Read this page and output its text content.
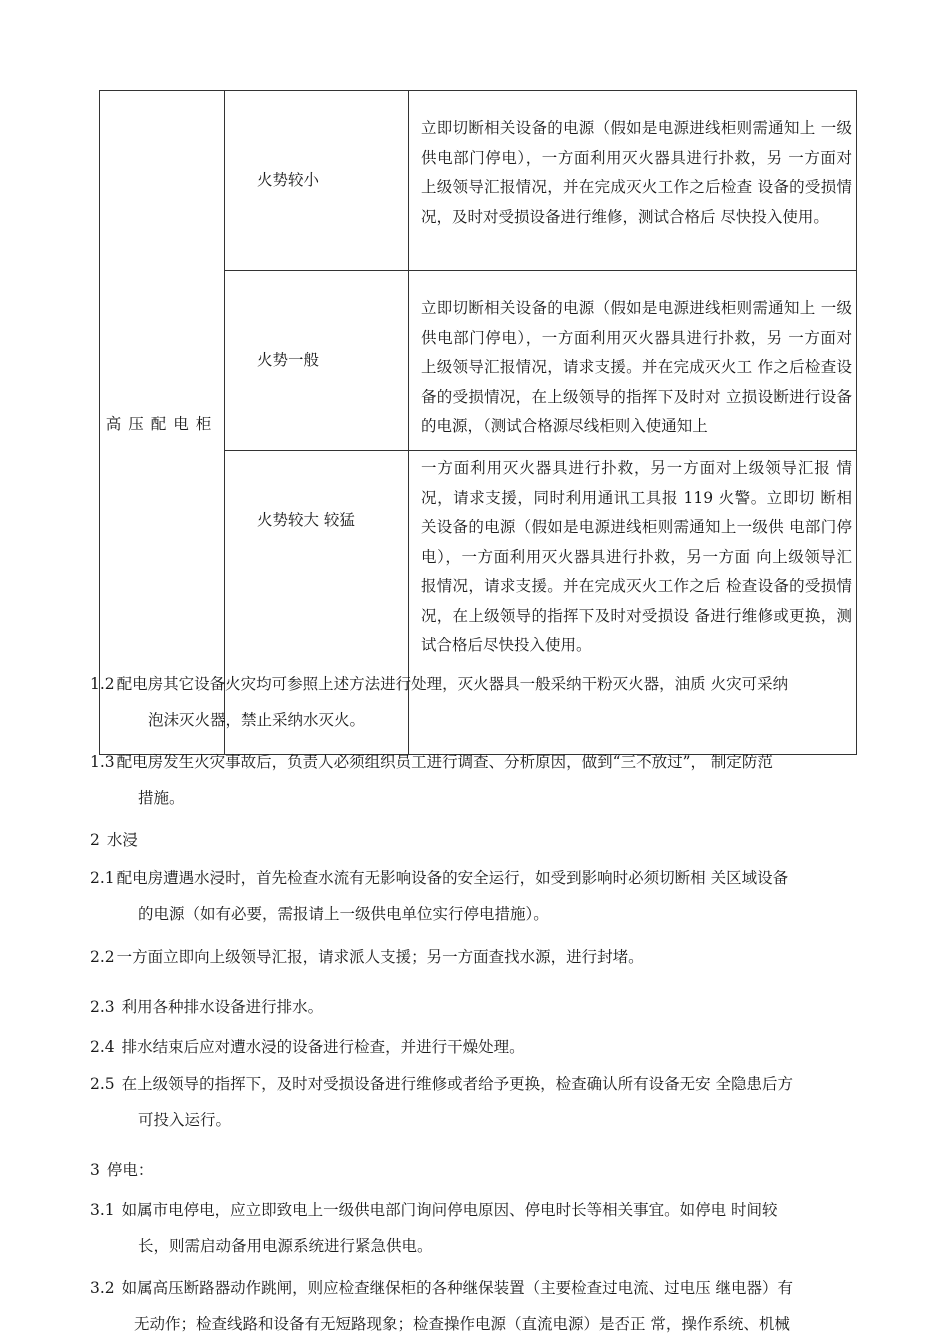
高压配电柜	火势较小	立即切断相关设备的电源（假如是电源进线柜则需通知上 一级供电部门停电），一方面利用灭火器具进行扑救，另 一方面对上级领导汇报情况，并在完成灭火工作之后检查 设备的受损情况，及时对受损设备进行维修，测试合格后 尽快投入使用。
	火势一般	立即切断相关设备的电源（假如是电源进线柜则需通知上 一级供电部门停电），一方面利用灭火器具进行扑救，另 一方面对上级领导汇报情况，请求支援。并在完成灭火工 作之后检查设备的受损情况，在上级领导的指挥下及时对 立损设断进行设备的电源，（测试合格源尽线柜则入使通知上
	火势较大 较猛	一方面利用灭火器具进行扑救，另一方面对上级领导汇报 情况，请求支援，同时利用通讯工具报 119 火警。立即切 断相关设备的电源（假如是电源进线柜则需通知上一级供 电部门停电），一方面利用灭火器具进行扑救，另一方面 向上级领导汇报情况，请求支援。并在完成灭火工作之后 检查设备的受损情况，在上级领导的指挥下及时对受损设 备进行维修或更换，测试合格后尽快投入使用。
1.2 配电房其它设备火灾均可参照上述方法进行处理，灭火器具一般采纳干粉灭火器，油质 火灾可采纳
泡沫灭火器，禁止采纳水灭火。
1.3 配电房发生火灾事故后，负责人必须组织员工进行调查、分析原因，做到“三不放过”， 制定防范
措施。
2 水浸
2.1 配电房遭遇水浸时，首先检查水流有无影响设备的安全运行，如受到影响时必须切断相 关区域设备
的电源（如有必要，需报请上一级供电单位实行停电措施）。
2.2 一方面立即向上级领导汇报，请求派人支援；另一方面查找水源，进行封堵。
2.3 利用各种排水设备进行排水。
2.4 排水结束后应对遭水浸的设备进行检查，并进行干燥处理。
2.5 在上级领导的指挥下，及时对受损设备进行维修或者给予更换，检查确认所有设备无安 全隐患后方
可投入运行。
3 停电：
3.1 如属市电停电，应立即致电上一级供电部门询问停电原因、停电时长等相关事宜。如停电 时间较
长，则需启动备用电源系统进行紧急供电。
3.2 如属高压断路器动作跳闸，则应检查继保柜的各种继保装置（主要检查过电流、过电压 继电器）有
无动作；检查线路和设备有无短路现象；检查操作电源（直流电源）是否正 常，操作系统、机械
